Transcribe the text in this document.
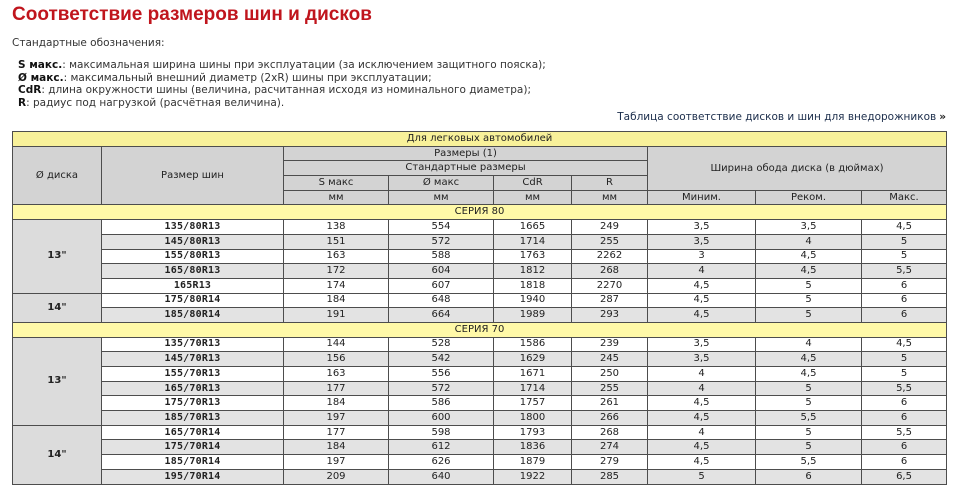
Соответствие размеров шин и дисков
Стандартные обозначения:
S макс.: максимальная ширина шины при эксплуатации (за исключением защитного пояска);
Ø макс.: максимальный внешний диаметр (2xR) шины при эксплуатации;
CdR: длина окружности шины (величина, расчитанная исходя из номинального диаметра);
R: радиус под нагрузкой (расчётная величина).
Таблица соответствие дисков и шин для внедорожников »
Для легковых автомобилей								
Ø диска	Размер шин	Размеры (1)				Ширина обода диска (в дюймах)		
		Стандартные размеры						
		S макс	Ø макс	CdR	R			
		мм	мм	мм	мм	Миним.	Реком.	Макс.
СЕРИЯ 80								
13"	135/80R13	138	554	1665	249	3,5	3,5	4,5
	145/80R13	151	572	1714	255	3,5	4	5
	155/80R13	163	588	1763	2262	3	4,5	5
	165/80R13	172	604	1812	268	4	4,5	5,5
	165R13	174	607	1818	2270	4,5	5	6
14"	175/80R14	184	648	1940	287	4,5	5	6
	185/80R14	191	664	1989	293	4,5	5	6
СЕРИЯ 70								
13"	135/70R13	144	528	1586	239	3,5	4	4,5
	145/70R13	156	542	1629	245	3,5	4,5	5
	155/70R13	163	556	1671	250	4	4,5	5
	165/70R13	177	572	1714	255	4	5	5,5
	175/70R13	184	586	1757	261	4,5	5	6
	185/70R13	197	600	1800	266	4,5	5,5	6
14"	165/70R14	177	598	1793	268	4	5	5,5
	175/70R14	184	612	1836	274	4,5	5	6
	185/70R14	197	626	1879	279	4,5	5,5	6
	195/70R14	209	640	1922	285	5	6	6,5
